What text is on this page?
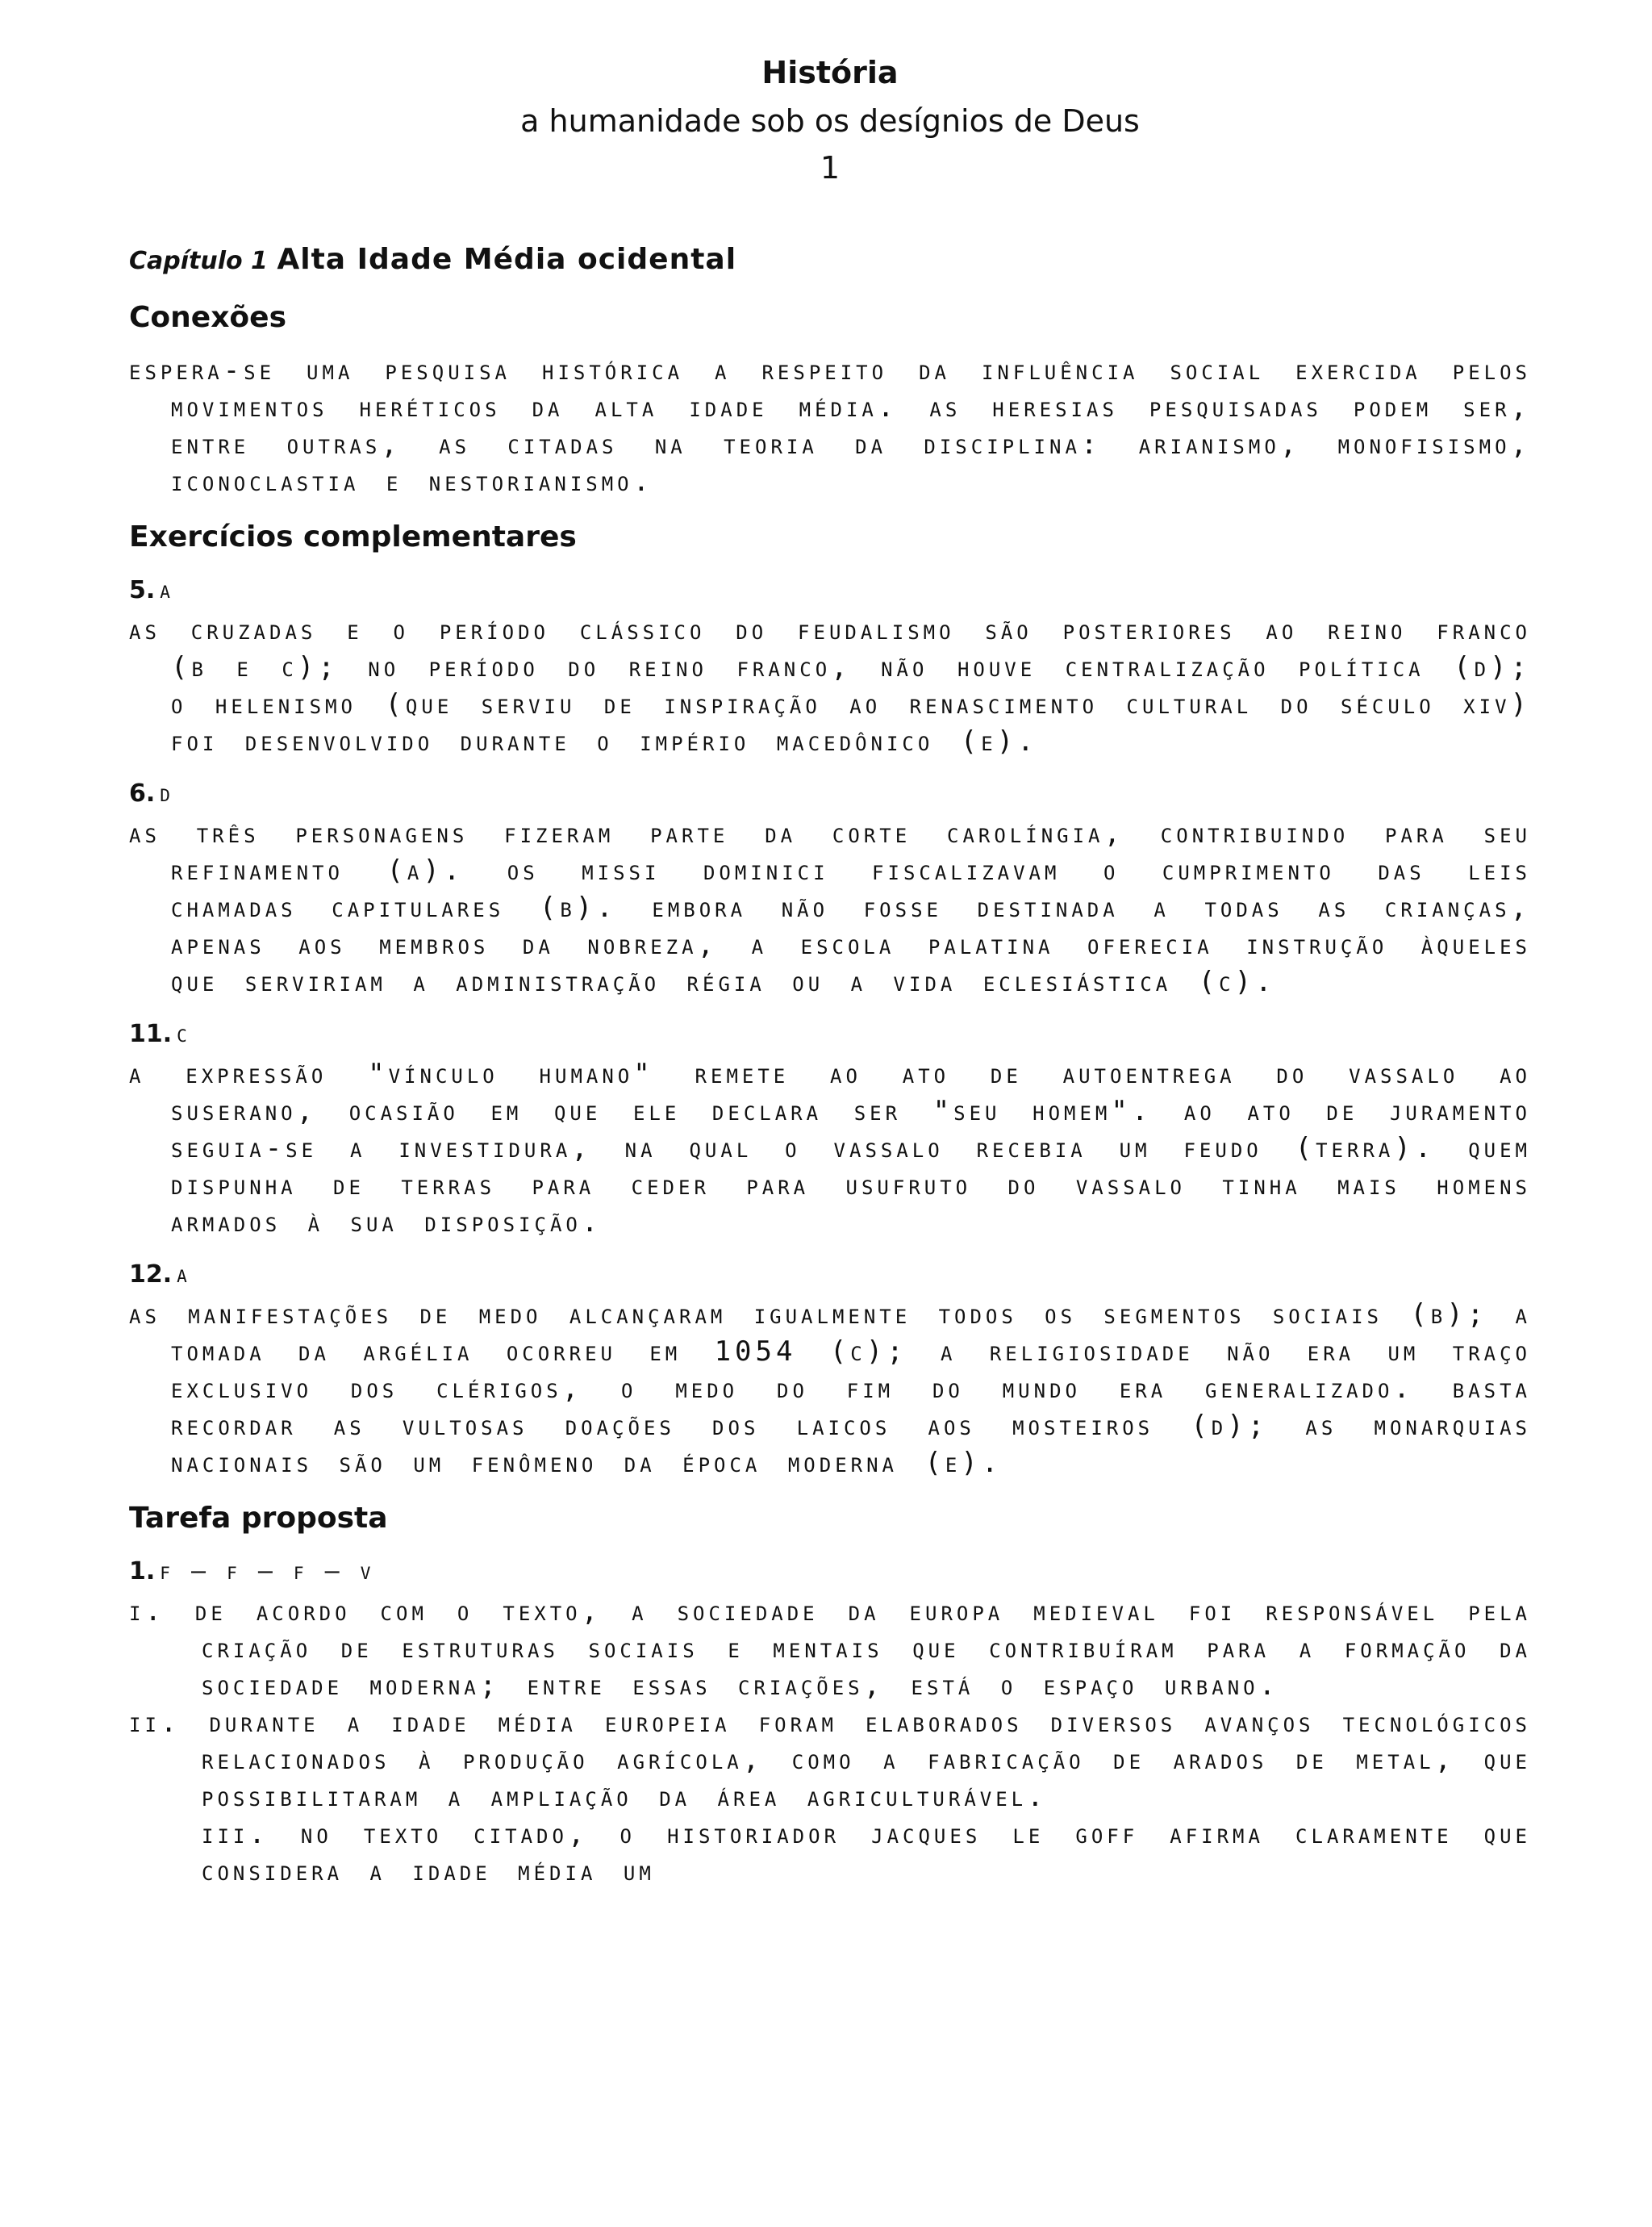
História

a humanidade sob os desígnios de Deus

1

Capítulo 1 Alta Idade Média ocidental
Conexões

espera-se uma pesquisa histórica a respeito da influência social exercida pelos movimentos heréticos da alta idade média. as heresias pesquisadas podem ser, entre outras, as citadas na teoria da disciplina: arianismo, monofisismo, iconoclastia e nestorianismo.

Exercícios complementares
5. a

as cruzadas e o período clássico do feudalismo são posteriores ao reino franco (b e c); no período do reino franco, não houve centralização política (d); o helenismo (que serviu de inspiração ao renascimento cultural do século xiv) foi desenvolvido durante o império macedônico (e).

6. d

as três personagens fizeram parte da corte carolíngia, contribuindo para seu refinamento (a). os missi dominici fiscalizavam o cumprimento das leis chamadas capitulares (b). embora não fosse destinada a todas as crianças, apenas aos membros da nobreza, a escola palatina oferecia instrução àqueles que serviriam a administração régia ou a vida eclesiástica (c).

11. c

a expressão "vínculo humano" remete ao ato de autoentrega do vassalo ao suserano, ocasião em que ele declara ser "seu homem". ao ato de juramento seguia-se a investidura, na qual o vassalo recebia um feudo (terra). quem dispunha de terras para ceder para usufruto do vassalo tinha mais homens armados à sua disposição.

12. a

as manifestações de medo alcançaram igualmente todos os segmentos sociais (b); a tomada da argélia ocorreu em 1054 (c); a religiosidade não era um traço exclusivo dos clérigos, o medo do fim do mundo era generalizado. basta recordar as vultosas doações dos laicos aos mosteiros (d); as monarquias nacionais são um fenômeno da época moderna (e).

Tarefa proposta
1. f – f – f – v

i. de acordo com o texto, a sociedade da europa medieval foi responsável pela criação de estruturas sociais e mentais que contribuíram para a formação da sociedade moderna; entre essas criações, está o espaço urbano.

ii. durante a idade média europeia foram elaborados diversos avanços tecnológicos relacionados à produção agrícola, como a fabricação de arados de metal, que possibilitaram a ampliação da área agriculturável.

iii. no texto citado, o historiador jacques le goff afirma claramente que considera a idade média um
